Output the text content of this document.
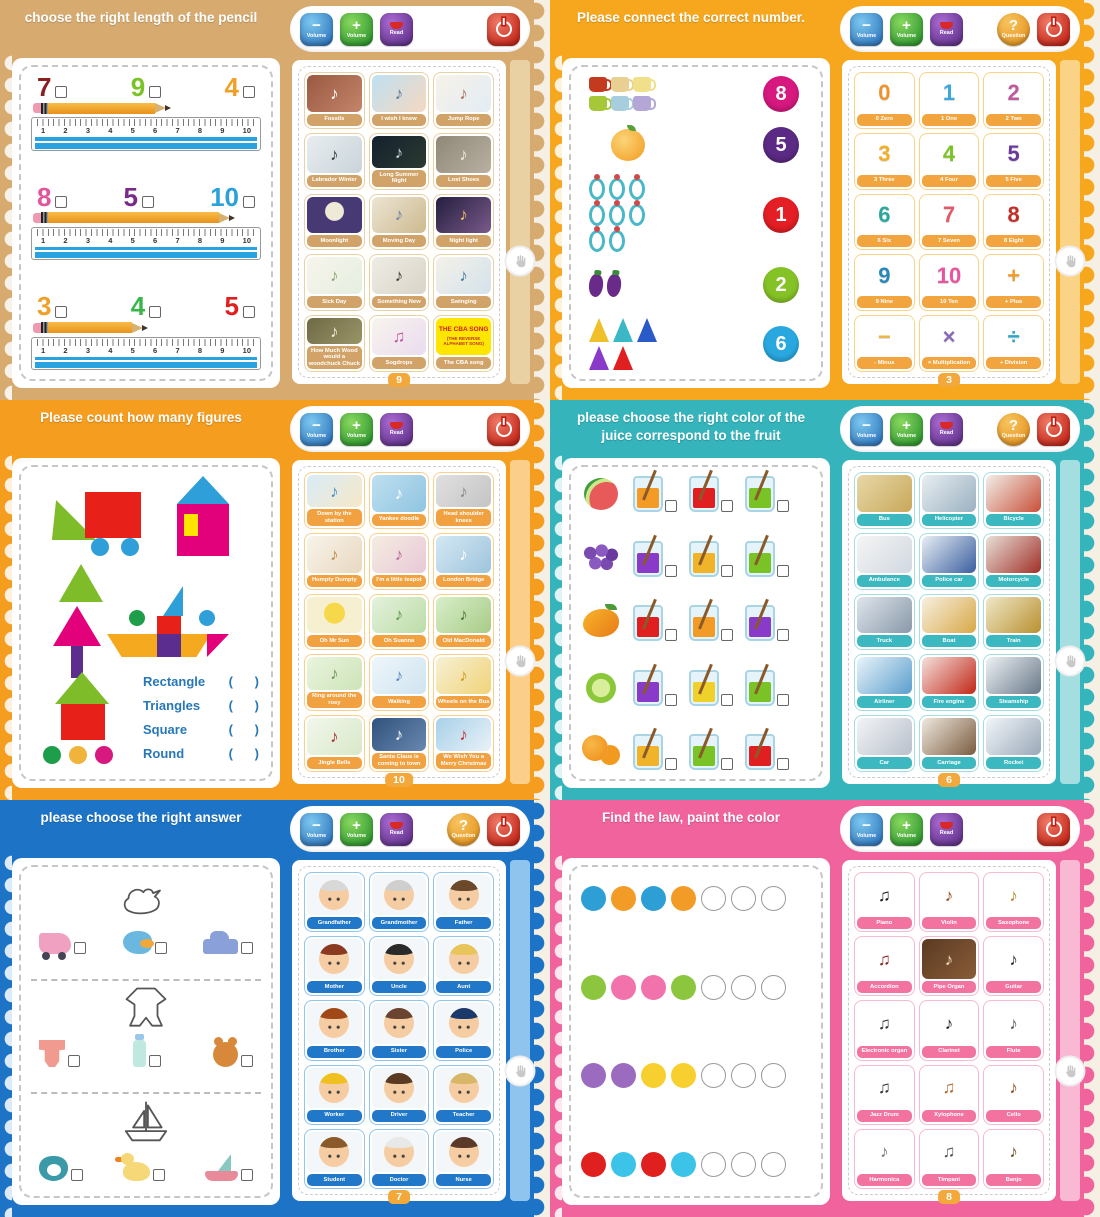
choose the right length of the pencil	−
Volume
+
Volume
Read
7	9	4
1 2 3 4 5 6 7 8 9 10
8	5	10
1 2 3 4 5 6 7 8 9 10
3	4	5
1 2 3 4 5 6 7 8 9 10
♪
Fossils
♪
I wish I knew
♪
Jump Rope
♪
Labrador Winter
♪
Long Summer Night
♪
Lost Shoes
Moonlight
♪
Moving Day
♪
Night light
♪
Sick Day
♪
Something New
♪
Swinging
♪
How Much Wood would a woodchuck Chuck
♫
Sogdrops
THE CBA SONG
(THE REVERSE ALPHABET SONG)
The CBA song
9
Please connect the correct number.	−
Volume
+
Volume
Read	?
Question
8
5
1
2
6
0
0 Zero
1
1 One
2
2 Two
3
3 Three
4
4 Four
5
5 Five
6
6 Six
7
7 Seven
8
8 Eight
9
9 Nine
10
10 Ten
+
+ Plus
−
- Minus
×
× Multiplication
÷
÷ Division
3
Please count how many figures	−
Volume
+
Volume
Read
Rectangle (      )
Triangles (      )
Square	(      )
Round	(      )
♪
Down by the station
♪
Yankee doodle
♪
Head shoulder knees
♪
Humpty Dumpty
♪
I'm a little teapot
♪
London Bridge
Oh Mr Sun
♪
Oh Suanna
♪
Old MacDonald
♪
Ring around the rosy
♪
Walking
♪
Wheels on the Bus
♪
Jingle Bells
♪
Santa Claus is coming to town
♪
We Wish You a Merry Christmas
10
please choose the right color of the juice correspond to the fruit
−
Volume
+
Volume
Read	?
Question
Bus	Helicopter	Bicycle
Ambulance	Police car	Motorcycle
Truck	Boat	Train
Airliner	Fire engine	Steamship
Car	Carriage	Rocket
6
please choose the right answer	−
Volume
+
Volume
Read	?
Question
Grandfather	Grandmother	Father
Mother	Uncle	Aunt
Brother	Sister	Police
Worker	Driver	Teacher
Student	Doctor	Nurse
7
Find the law, paint the color	−
Volume
+
Volume
Read
♫
Piano
♪
Violin
♪
Saxophone
♫
Accordion
♪
Pipe Organ
♪
Guitar
♫
Electronic organ
♪
Clarinet
♪
Flute
♫
Jazz Drum
♫
Xylophone
♪
Cello
♪
Harmonica
♫
Timpani
♪
Banjo
8
